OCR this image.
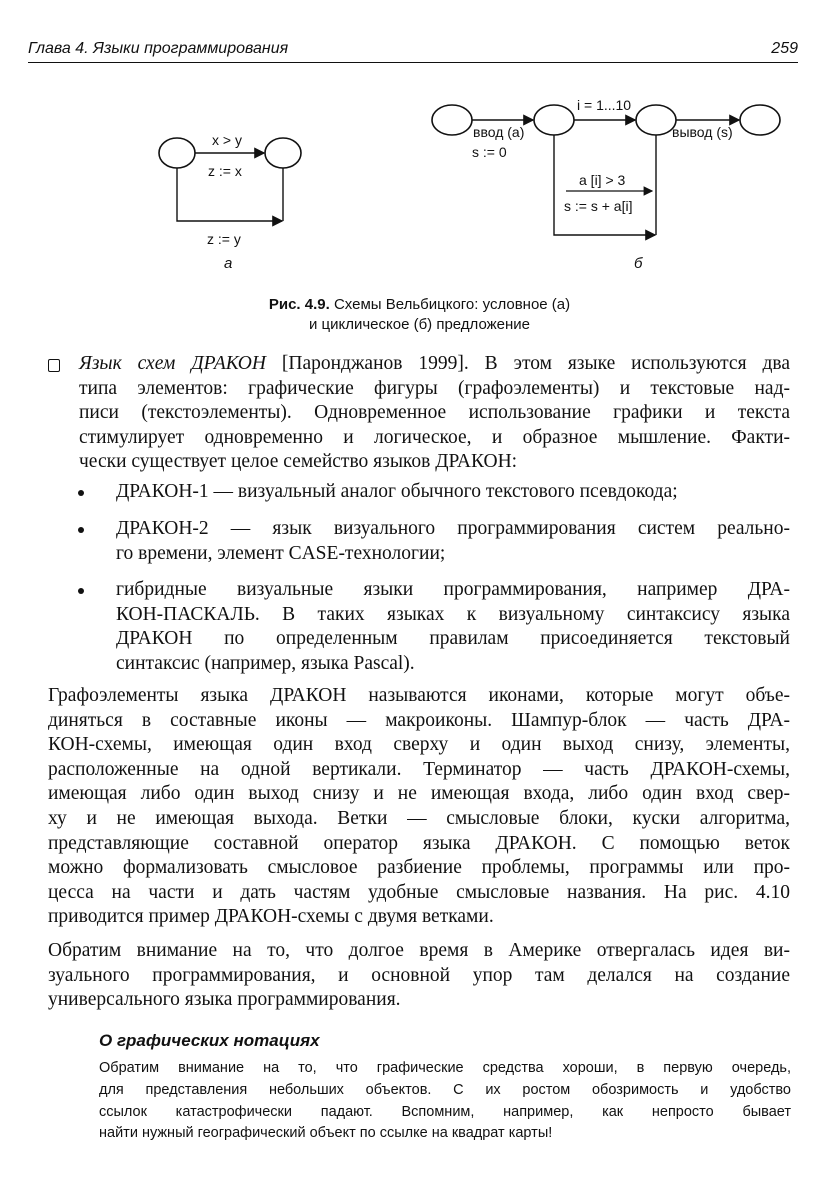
Глава 4. Языки программирования	259
x > y
z := x
z := y
а
i = 1...10
ввод (a)
s := 0
вывод (s)
a [i] > 3
s := s + a[i]
б
Рис. 4.9. Схемы Вельбицкого: условное (а)
и циклическое (б) предложение
Язык схем ДРАКОН [Паронджанов 1999]. В этом языке используются два
типа элементов: графические фигуры (графоэлементы) и текстовые над-
писи (текстоэлементы). Одновременное использование графики и текста
стимулирует одновременно и логическое, и образное мышление. Факти-
чески существует целое семейство языков ДРАКОН:
ДРАКОН-1 — визуальный аналог обычного текстового псевдокода;
ДРАКОН-2 — язык визуального программирования систем реально-
го времени, элемент CASE-технологии;
гибридные визуальные языки программирования, например ДРА-
КОН-ПАСКАЛЬ. В таких языках к визуальному синтаксису языка
ДРАКОН по определенным правилам присоединяется текстовый
синтаксис (например, языка Pascal).
Графоэлементы языка ДРАКОН называются иконами, которые могут объе-
диняться в составные иконы — макроиконы. Шампур-блок — часть ДРА-
КОН-схемы, имеющая один вход сверху и один выход снизу, элементы,
расположенные на одной вертикали. Терминатор — часть ДРАКОН-схемы,
имеющая либо один выход снизу и не имеющая входа, либо один вход свер-
ху и не имеющая выхода. Ветки — смысловые блоки, куски алгоритма,
представляющие составной оператор языка ДРАКОН. С помощью веток
можно формализовать смысловое разбиение проблемы, программы или про-
цесса на части и дать частям удобные смысловые названия. На рис. 4.10
приводится пример ДРАКОН-схемы с двумя ветками.
Обратим внимание на то, что долгое время в Америке отвергалась идея ви-
зуального программирования, и основной упор там делался на создание
универсального языка программирования.
О графических нотациях
Обратим внимание на то, что графические средства хороши, в первую очередь,
для представления небольших объектов. С их ростом обозримость и удобство
ссылок катастрофически падают. Вспомним, например, как непросто бывает
найти нужный географический объект по ссылке на квадрат карты!
